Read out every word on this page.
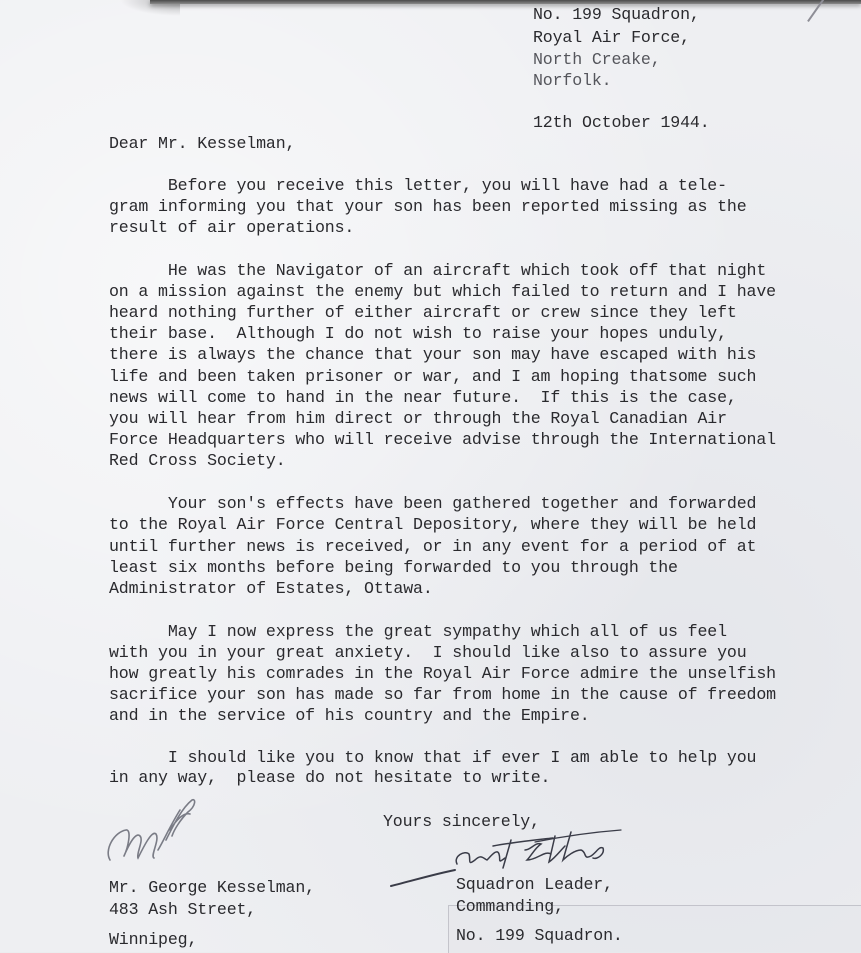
No. 199 Squadron,
Royal Air Force,
North Creake,
Norfolk.
12th October 1944.
Dear Mr. Kesselman,
Before you receive this letter, you will have had a tele-
gram informing you that your son has been reported missing as the
result of air operations.
He was the Navigator of an aircraft which took off that night
on a mission against the enemy but which failed to return and I have
heard nothing further of either aircraft or crew since they left
their base.  Although I do not wish to raise your hopes unduly,
there is always the chance that your son may have escaped with his
life and been taken prisoner or war, and I am hoping thatsome such
news will come to hand in the near future.  If this is the case,
you will hear from him direct or through the Royal Canadian Air
Force Headquarters who will receive advise through the International
Red Cross Society.
Your son's effects have been gathered together and forwarded
to the Royal Air Force Central Depository, where they will be held
until further news is received, or in any event for a period of at
least six months before being forwarded to you through the
Administrator of Estates, Ottawa.
May I now express the great sympathy which all of us feel
with you in your great anxiety.  I should like also to assure you
how greatly his comrades in the Royal Air Force admire the unselfish
sacrifice your son has made so far from home in the cause of freedom
and in the service of his country and the Empire.
I should like you to know that if ever I am able to help you
in any way,  please do not hesitate to write.
Yours sincerely,
Squadron Leader,
Commanding,
No. 199 Squadron.
Mr. George Kesselman,
483 Ash Street,
Winnipeg,
